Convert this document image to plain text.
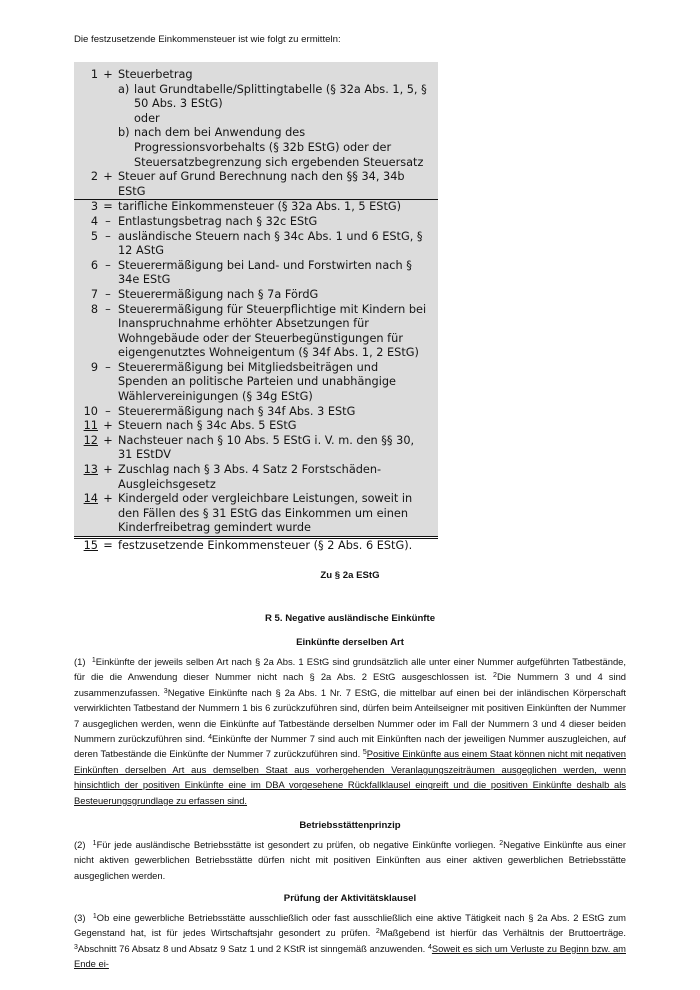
Die festzusetzende Einkommensteuer ist wie folgt zu ermitteln:
1 + Steuerbetrag
a) laut Grundtabelle/Splittingtabelle (§ 32a Abs. 1, 5, § 50 Abs. 3 EStG)
oder
b) nach dem bei Anwendung des Progressionsvorbehalts (§ 32b EStG) oder der Steuersatzbegrenzung sich ergebenden Steuersatz
2 + Steuer auf Grund Berechnung nach den §§ 34, 34b EStG
3 = tarifliche Einkommensteuer (§ 32a Abs. 1, 5 EStG)
4 – Entlastungsbetrag nach § 32c EStG
5 – ausländische Steuern nach § 34c Abs. 1 und 6 EStG, § 12 AStG
6 – Steuerermäßigung bei Land- und Forstwirten nach § 34e EStG
7 – Steuerermäßigung nach § 7a FördG
8 – Steuerermäßigung für Steuerpflichtige mit Kindern bei Inanspruchnahme erhöhter Absetzungen für Wohngebäude oder der Steuerbegünstigungen für eigengenutztes Wohneigentum (§ 34f Abs. 1, 2 EStG)
9 – Steuerermäßigung bei Mitgliedsbeiträgen und Spenden an politische Parteien und unabhängige Wählervereinigungen (§ 34g EStG)
10 – Steuerermäßigung nach § 34f Abs. 3 EStG
11 + Steuern nach § 34c Abs. 5 EStG
12 + Nachsteuer nach § 10 Abs. 5 EStG i. V. m. den §§ 30, 31 EStDV
13 + Zuschlag nach § 3 Abs. 4 Satz 2 Forstschäden-Ausgleichsgesetz
14 + Kindergeld oder vergleichbare Leistungen, soweit in den Fällen des § 31 EStG das Einkommen um einen Kinderfreibetrag gemindert wurde
15 = festzusetzende Einkommensteuer (§ 2 Abs. 6 EStG).
Zu § 2a EStG
R 5. Negative ausländische Einkünfte
Einkünfte derselben Art
(1) $^1$Einkünfte der jeweils selben Art nach § 2a Abs. 1 EStG sind grundsätzlich alle unter einer Nummer aufgeführten Tatbestände, für die die Anwendung dieser Nummer nicht nach § 2a Abs. 2 EStG ausgeschlossen ist. $^2$Die Nummern 3 und 4 sind zusammenzufassen. $^3$Negative Einkünfte nach § 2a Abs. 1 Nr. 7 EStG, die mittelbar auf einen bei der inländischen Körperschaft verwirklichten Tatbestand der Nummern 1 bis 6 zurückzuführen sind, dürfen beim Anteilseigner mit positiven Einkünften der Nummer 7 ausgeglichen werden, wenn die Einkünfte auf Tatbestände derselben Nummer oder im Fall der Nummern 3 und 4 dieser beiden Nummern zurückzuführen sind. $^4$Einkünfte der Nummer 7 sind auch mit Einkünften nach der jeweiligen Nummer auszugleichen, auf deren Tatbestände die Einkünfte der Nummer 7 zurückzuführen sind. $^5$Positive Einkünfte aus einem Staat können nicht mit negativen Einkünften derselben Art aus demselben Staat aus vorhergehenden Veranlagungszeiträumen ausgeglichen werden, wenn hinsichtlich der positiven Einkünfte eine im DBA vorgesehene Rückfallklausel eingreift und die positiven Einkünfte deshalb als Besteuerungsgrundlage zu erfassen sind.
Betriebsstättenprinzip
(2) $^1$Für jede ausländische Betriebsstätte ist gesondert zu prüfen, ob negative Einkünfte vorliegen. $^2$Negative Einkünfte aus einer nicht aktiven gewerblichen Betriebsstätte dürfen nicht mit positiven Einkünften aus einer aktiven gewerblichen Betriebsstätte ausgeglichen werden.
Prüfung der Aktivitätsklausel
(3) $^1$Ob eine gewerbliche Betriebsstätte ausschließlich oder fast ausschließlich eine aktive Tätigkeit nach § 2a Abs. 2 EStG zum Gegenstand hat, ist für jedes Wirtschaftsjahr gesondert zu prüfen. $^2$Maßgebend ist hierfür das Verhältnis der Bruttoerträge. $^3$Abschnitt 76 Absatz 8 und Absatz 9 Satz 1 und 2 KStR ist sinngemäß anzuwenden. $^4$Soweit es sich um Verluste zu Beginn bzw. am Ende ei-
